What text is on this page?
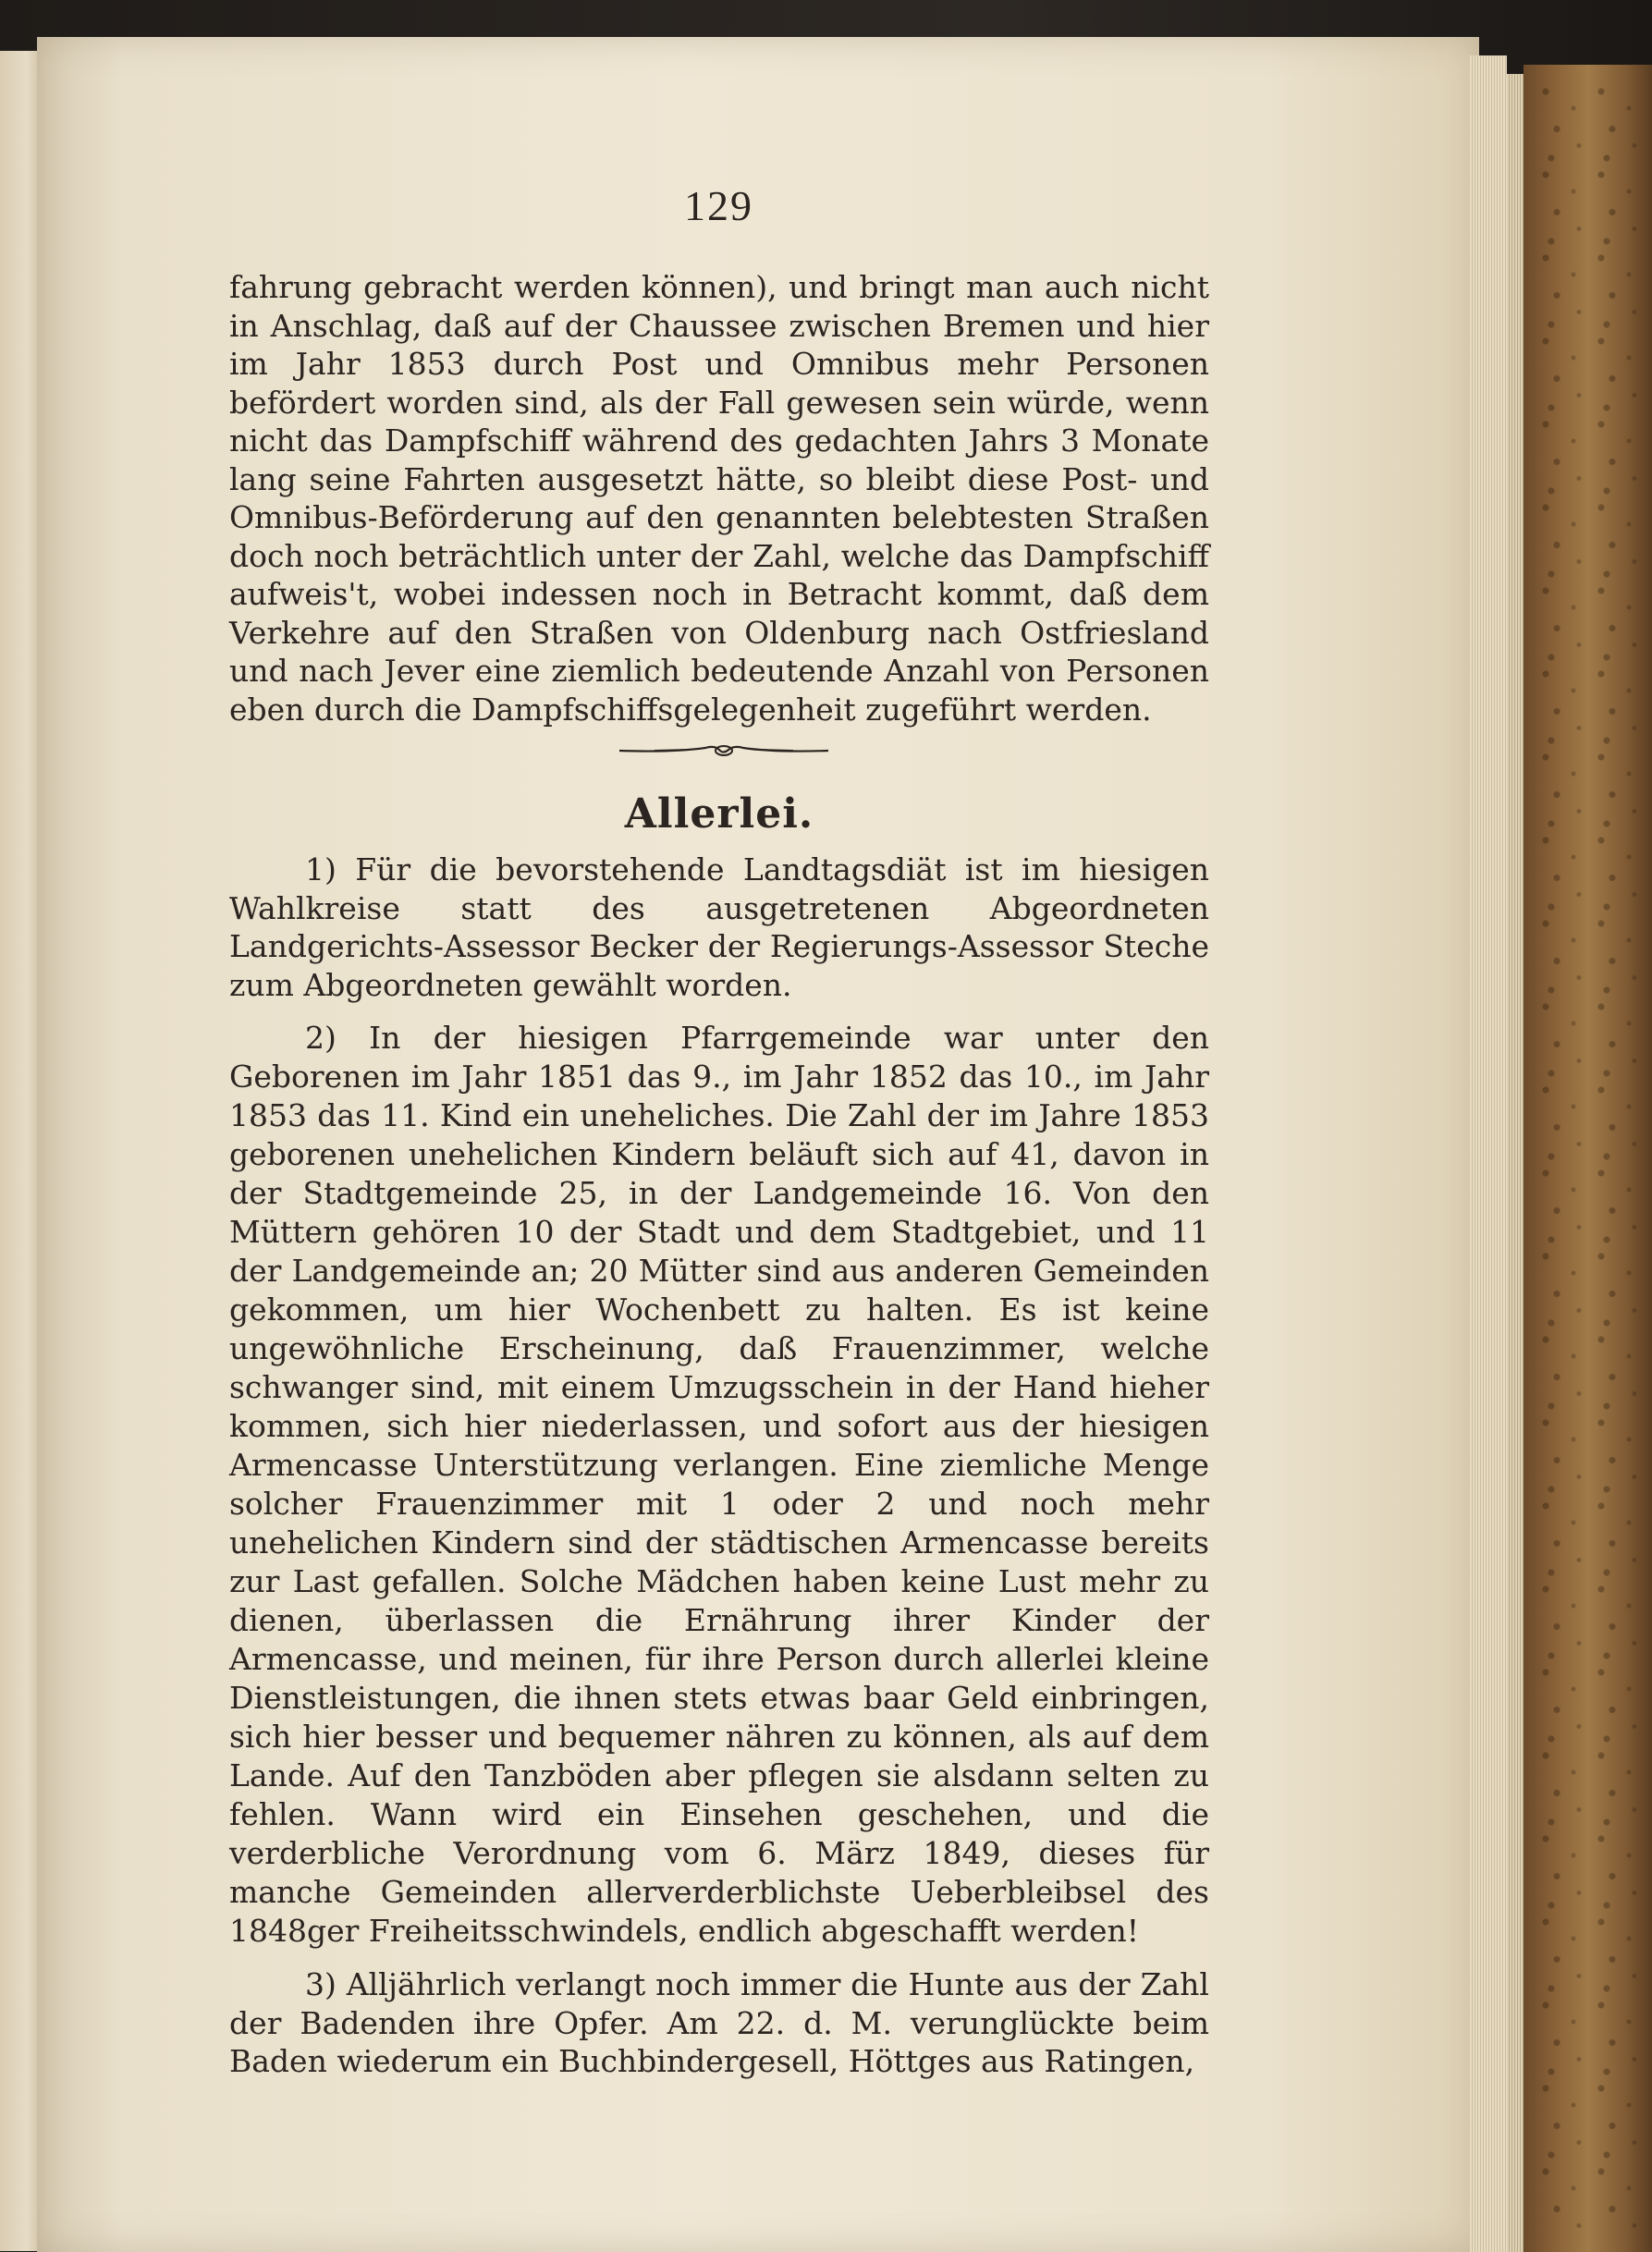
129

fahrung gebracht werden können), und bringt man auch nicht in Anschlag, daß auf der Chaussee zwischen Bremen und hier im Jahr 1853 durch Post und Omnibus mehr Personen befördert worden sind, als der Fall gewesen sein würde, wenn nicht das Dampfschiff während des gedachten Jahrs 3 Monate lang seine Fahrten ausgesetzt hätte, so bleibt diese Post- und Omnibus-Beförderung auf den genannten belebtesten Straßen doch noch beträchtlich unter der Zahl, welche das Dampfschiff aufweis't, wobei indessen noch in Betracht kommt, daß dem Verkehre auf den Straßen von Oldenburg nach Ostfriesland und nach Jever eine ziemlich bedeutende Anzahl von Personen eben durch die Dampfschiffsgelegenheit zugeführt werden.

Allerlei.

1) Für die bevorstehende Landtagsdiät ist im hiesigen Wahlkreise statt des ausgetretenen Abgeordneten Landgerichts-Assessor Becker der Regierungs-Assessor Steche zum Abgeordneten gewählt worden.

2) In der hiesigen Pfarrgemeinde war unter den Geborenen im Jahr 1851 das 9., im Jahr 1852 das 10., im Jahr 1853 das 11. Kind ein uneheliches. Die Zahl der im Jahre 1853 geborenen unehelichen Kindern beläuft sich auf 41, davon in der Stadtgemeinde 25, in der Landgemeinde 16. Von den Müttern gehören 10 der Stadt und dem Stadtgebiet, und 11 der Landgemeinde an; 20 Mütter sind aus anderen Gemeinden gekommen, um hier Wochenbett zu halten. Es ist keine ungewöhnliche Erscheinung, daß Frauenzimmer, welche schwanger sind, mit einem Umzugsschein in der Hand hieher kommen, sich hier niederlassen, und sofort aus der hiesigen Armencasse Unterstützung verlangen. Eine ziemliche Menge solcher Frauenzimmer mit 1 oder 2 und noch mehr unehelichen Kindern sind der städtischen Armencasse bereits zur Last gefallen. Solche Mädchen haben keine Lust mehr zu dienen, überlassen die Ernährung ihrer Kinder der Armencasse, und meinen, für ihre Person durch allerlei kleine Dienstleistungen, die ihnen stets etwas baar Geld einbringen, sich hier besser und bequemer nähren zu können, als auf dem Lande. Auf den Tanzböden aber pflegen sie alsdann selten zu fehlen. Wann wird ein Einsehen geschehen, und die verderbliche Verordnung vom 6. März 1849, dieses für manche Gemeinden allerverderblichste Ueberbleibsel des 1848ger Freiheitsschwindels, endlich abgeschafft werden!

3) Alljährlich verlangt noch immer die Hunte aus der Zahl der Badenden ihre Opfer. Am 22. d. M. verunglückte beim Baden wiederum ein Buchbindergesell, Höttges aus Ratingen,
